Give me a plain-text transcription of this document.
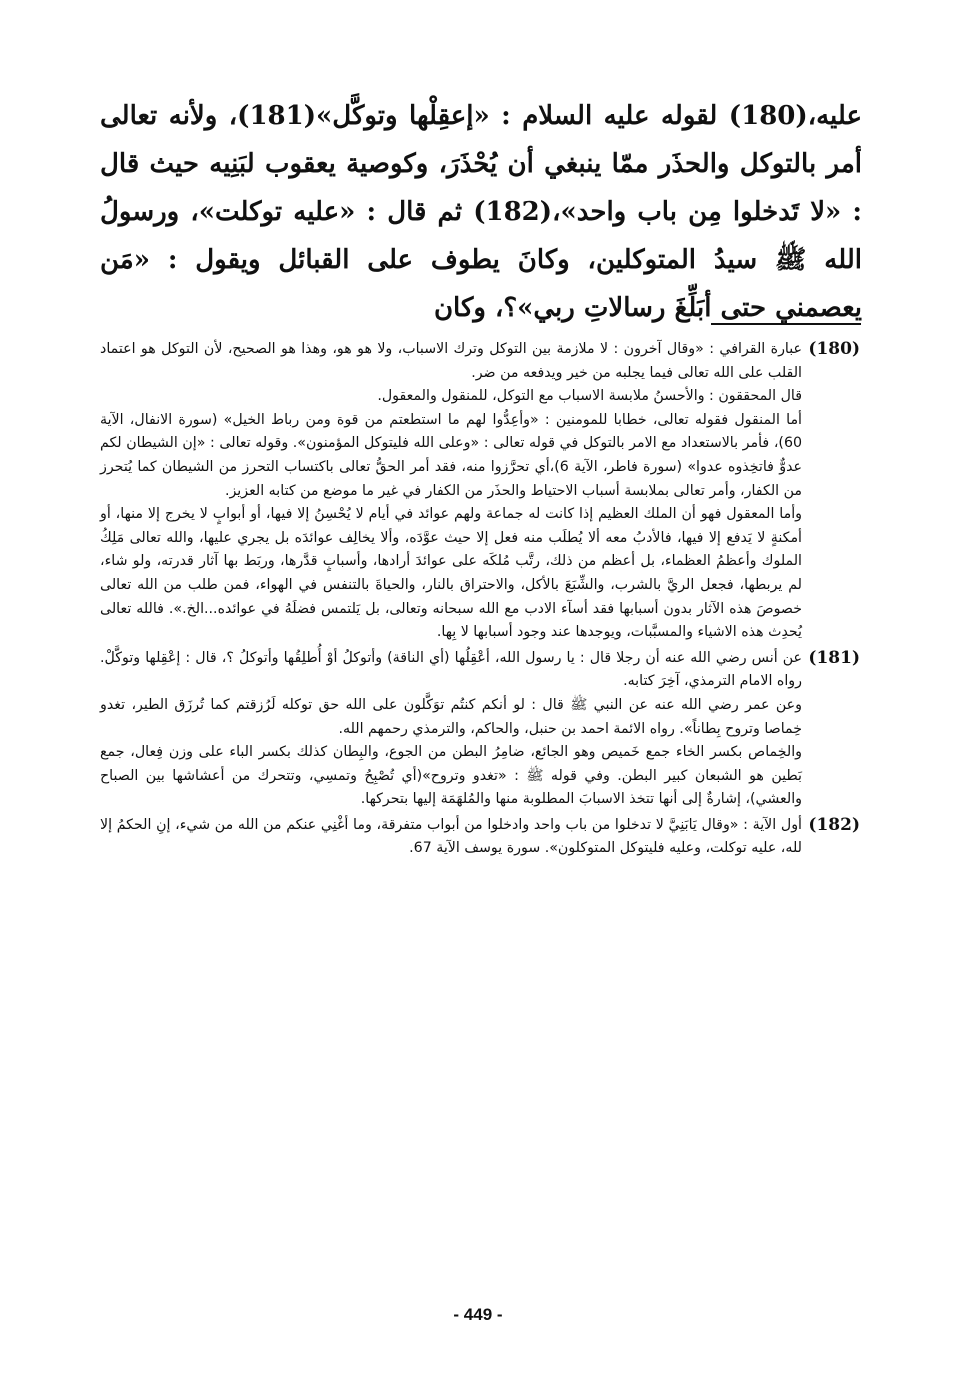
عليه،(180) لقوله عليه السلام : «إعقِلْها وتوكَّل»(181)، ولأنه تعالى أمر بالتوكل والحذَر ممّا ينبغي أن يُحْذَرَ، وكوصية يعقوب لبَنِيه حيث قال : «لا تَدخلوا مِن باب واحد»،(182) ثم قال : «عليه توكلت»، ورسولُ الله ﷺ سيدُ المتوكلين، وكانَ يطوف على القبائل ويقول : «مَن يعصمني حتى أبَلِّغَ رسالاتِ ربي»؟، وكان

(180)

عبارة القرافي : «وقال آخرون : لا ملازمة بين التوكل وترك الاسباب، ولا هو هو، وهذا هو الصحيح، لأن التوكل هو اعتماد القلب على الله تعالى فيما يجلبه من خير ويدفعه من ضر.

قال المحققون : والأحسنُ ملابسة الاسباب مع التوكل، للمنقول والمعقول.

أما المنقول فقوله تعالى، خطابا للمومنين : «وأعِدُّوا لهم ما استطعتم من قوة ومن رباط الخيل» (سورة الانفال، الآية 60)، فأمر بالاستعداد مع الامر بالتوكل في قوله تعالى : «وعلى الله فليتوكل المؤمنون». وقوله تعالى : «إن الشيطان لكم عدوٌّ فاتخِذوه عدوا» (سورة فاطر، الآية 6)،أي تحرَّزوا منه، فقد أمر الحقُّ تعالى باكتساب التحرز من الشيطان كما يُتحرز من الكفار، وأمر تعالى بملابسة أسباب الاحتياط والحذَر من الكفار في غير ما موضع من كتابه العزيز.

وأما المعقول فهو أن الملك العظيم إذا كانت له جماعة ولهم عوائد في أيام لا يُحْسِنُ إلا فيها، أو أبوابٍ لا يخرج إلا منها، أو أمكنةٍ لا يَدفع إلا فيها، فالأدبُ معه ألا يُطلَب منه فعل إلا حيث عوَّدَه، وألا يخالِف عوائدَه بل يجري عليها، والله تعالى مَلِكُ الملوك وأعظمُ العظماء، بل أعظم من ذلك، رتَّب مُلكَه على عوائدَ أرادها، وأسبابٍ قدَّرها، وربَط بها آثار قدرته، ولو شاء، لم يربطها، فجعل الريَّ بالشرب، والشِّبَعَ بالأكل، والاحتراق بالنار، والحياةَ بالتنفس في الهواء، فمن طلب من الله تعالى خصوصَ هذه الآثار بدون أسبابها فقد أسآء الادب مع الله سبحانه وتعالى، بل يَلتمس فضلَهُ في عوائده...الخ.». فالله تعالى يُحدِث هذه الاشياء والمسبَّبات، ويوجدها عند وجود أسبابها لا بِها.

(181)

عن أنس رضي الله عنه أن رجلا قال : يا رسول الله، أعْقِلُها (أي الناقة) وأتوكلُ أوْ أُطلِقُها وأتوكلُ ؟، قال : إعْقِلها وتوكَّلْ. رواه الامام الترمذي، آخِرَ كتابه.

وعن عمر رضي الله عنه عن النبي ﷺ قال : لو أنكم كنتُم توَكَّلون على الله حق توكله لَرُزقتم كما تُرزَق الطير، تغدو خِماصا وتروح بِطاناً». رواه الائمة احمد بن حنبل، والحاكم، والترمذي رحمهم الله.

والخِماص بكسر الخاء جمع خَميص وهو الجائع، ضامِرُ البطن من الجوع، والبِطان كذلك بكسر الباء على وزن فِعال، جمع بَطين هو الشبعان كبير البطن. وفي قوله ﷺ : «تغدو وتروح»(أي تُصْبِحُ وتمسِي، وتتحرك من أعشاشها بين الصباح والعشي)، إشارةٌ إلى أنها تتخذ الاسبابَ المطلوبة منها والمُلهَمَة إليها بتحركها.

(182)

أول الآية : «وقال يَابَنِيَّ لا تدخلوا من باب واحد وادخلوا من أبواب متفرقة، وما أغْنِي عنكم من الله من شيء، إنِ الحكمُ إلا لله، عليه توكلت، وعليه فليتوكل المتوكلون». سورة يوسف الآية 67.

- 449 -
